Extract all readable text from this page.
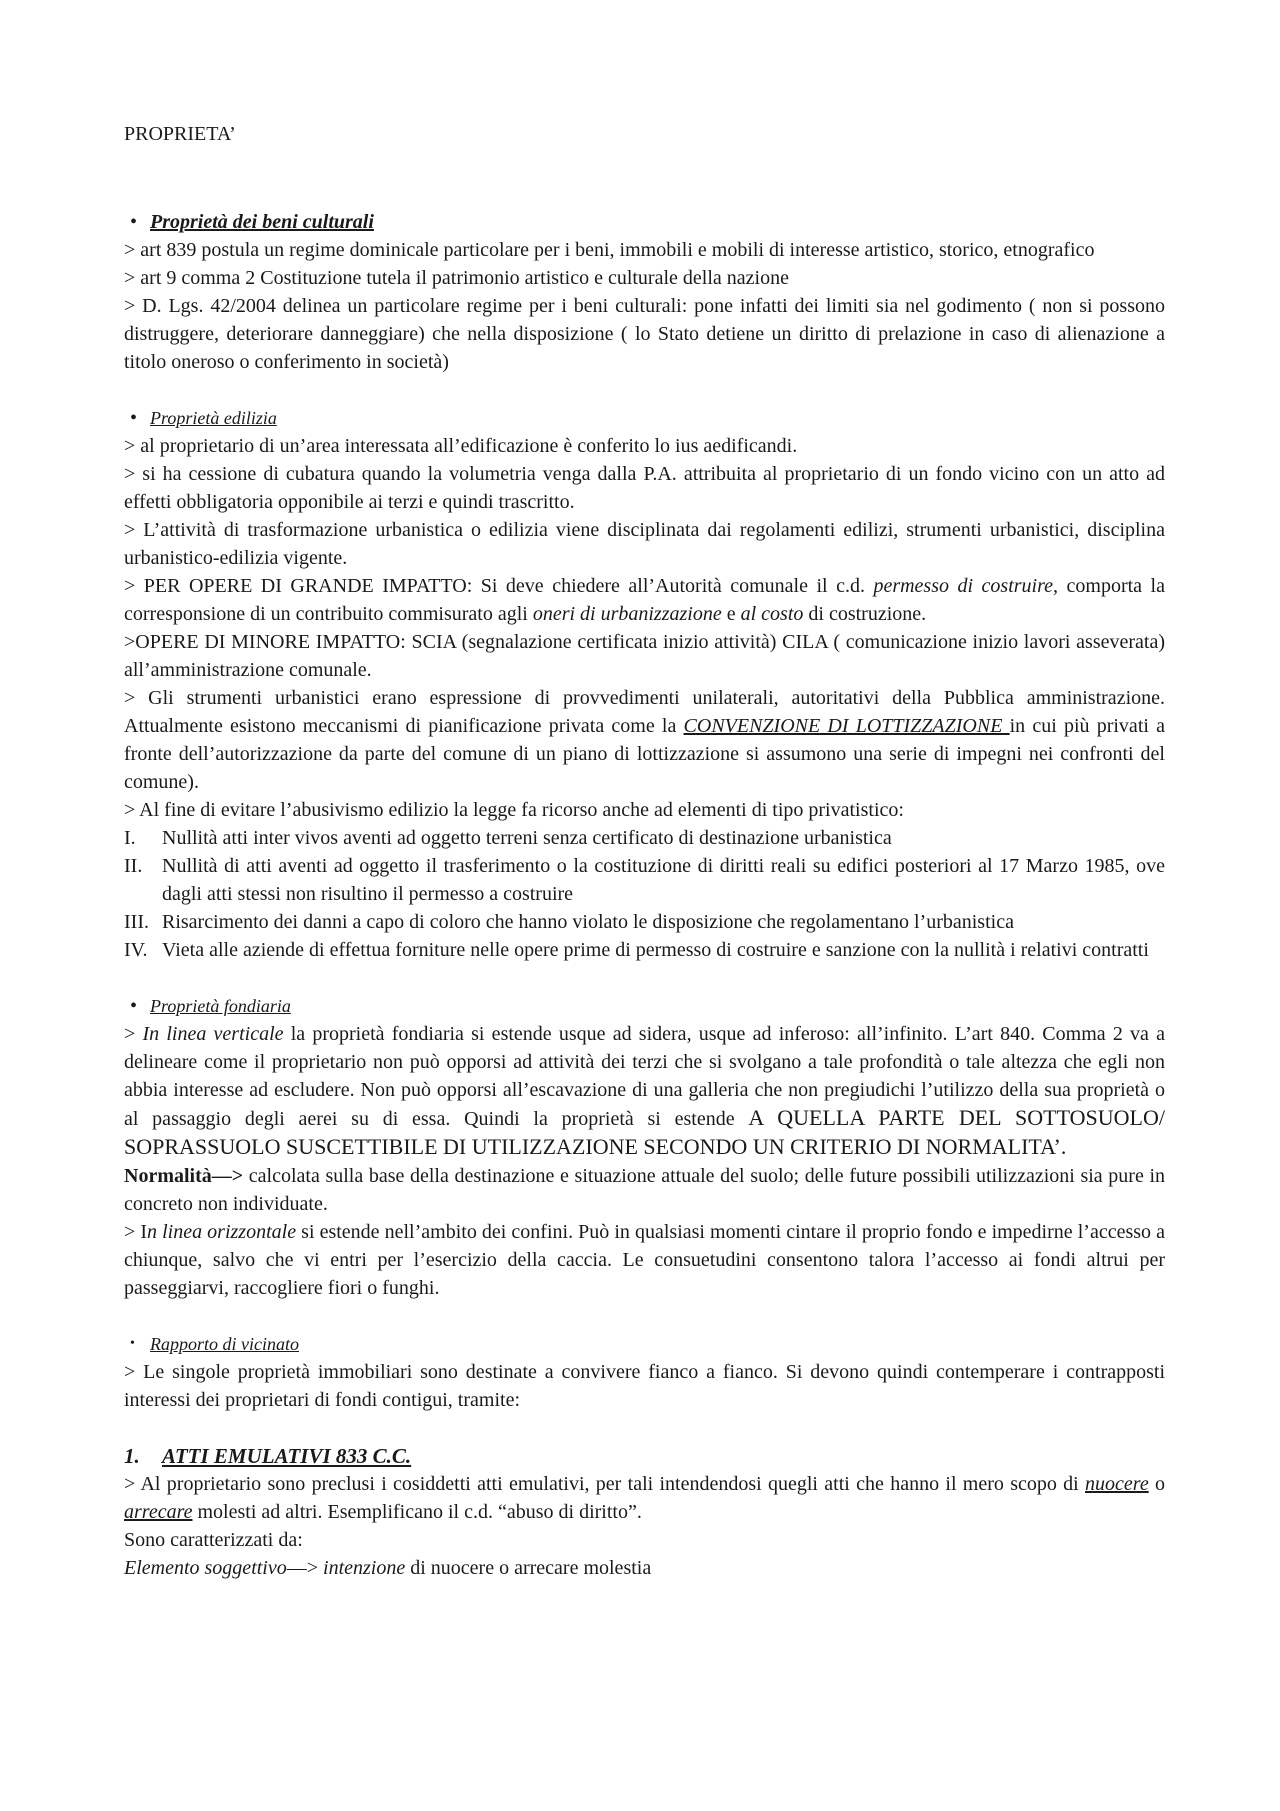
PROPRIETA’

• Proprietà dei beni culturali

> art 839 postula un regime dominicale particolare per i beni, immobili e mobili di interesse artistico, storico, etnografico

> art 9 comma 2 Costituzione tutela il patrimonio artistico e culturale della nazione

> D. Lgs. 42/2004 delinea un particolare regime per i beni culturali: pone infatti dei limiti sia nel godimento ( non si possono distruggere, deteriorare danneggiare) che nella disposizione ( lo Stato detiene un diritto di prelazione in caso di alienazione a titolo oneroso o conferimento in società)

• Proprietà edilizia

> al proprietario di un’area interessata all’edificazione è conferito lo ius aedificandi.

> si ha cessione di cubatura quando la volumetria venga dalla P.A. attribuita al proprietario di un fondo vicino con un atto ad effetti obbligatoria opponibile ai terzi e quindi trascritto.

> L’attività di trasformazione urbanistica o edilizia viene disciplinata dai regolamenti edilizi, strumenti urbanistici, disciplina urbanistico-edilizia vigente.

> PER OPERE DI GRANDE IMPATTO: Si deve chiedere all’Autorità comunale il c.d. permesso di costruire, comporta la corresponsione di un contribuito commisurato agli oneri di urbanizzazione e al costo di costruzione.

>OPERE DI MINORE IMPATTO: SCIA (segnalazione certificata inizio attività) CILA ( comunicazione inizio lavori asseverata) all’amministrazione comunale.

> Gli strumenti urbanistici erano espressione di provvedimenti unilaterali, autoritativi della Pubblica amministrazione. Attualmente esistono meccanismi di pianificazione privata come la CONVENZIONE DI LOTTIZZAZIONE in cui più privati a fronte dell’autorizzazione da parte del comune di un piano di lottizzazione si assumono una serie di impegni nei confronti del comune).

> Al fine di evitare l’abusivismo edilizio la legge fa ricorso anche ad elementi di tipo privatistico:

I. Nullità atti inter vivos aventi ad oggetto terreni senza certificato di destinazione urbanistica
II. Nullità di atti aventi ad oggetto il trasferimento o la costituzione di diritti reali su edifici posteriori al 17 Marzo 1985, ove dagli atti stessi non risultino il permesso a costruire
III. Risarcimento dei danni a capo di coloro che hanno violato le disposizione che regolamentano l’urbanistica
IV. Vieta alle aziende di effettua forniture nelle opere prime di permesso di costruire e sanzione con la nullità i relativi contratti

• Proprietà fondiaria

> In linea verticale la proprietà fondiaria si estende usque ad sidera, usque ad inferoso: all’infinito. L’art 840. Comma 2 va a delineare come il proprietario non può opporsi ad attività dei terzi che si svolgano a tale profondità o tale altezza che egli non abbia interesse ad escludere. Non può opporsi all’escavazione di una galleria che non pregiudichi l’utilizzo della sua proprietà o al passaggio degli aerei su di essa. Quindi la proprietà si estende A QUELLA PARTE DEL SOTTOSUOLO/ SOPRASSUOLO SUSCETTIBILE DI UTILIZZAZIONE SECONDO UN CRITERIO DI NORMALITA’.

Normalità—> calcolata sulla base della destinazione e situazione attuale del suolo; delle future possibili utilizzazioni sia pure in concreto non individuate.

> In linea orizzontale si estende nell’ambito dei confini. Può in qualsiasi momenti cintare il proprio fondo e impedirne l’accesso a chiunque, salvo che vi entri per l’esercizio della caccia. Le consuetudini consentono talora l’accesso ai fondi altrui per passeggiarvi, raccogliere fiori o funghi.

• Rapporto di vicinato

> Le singole proprietà immobiliari sono destinate a convivere fianco a fianco. Si devono quindi contemperare i contrapposti interessi dei proprietari di fondi contigui, tramite:

1. ATTI EMULATIVI 833 C.C.

> Al proprietario sono preclusi i cosiddetti atti emulativi, per tali intendendosi quegli atti che hanno il mero scopo di nuocere o arrecare molesti ad altri. Esemplificano il c.d. “abuso di diritto”.

Sono caratterizzati da:

Elemento soggettivo—> intenzione di nuocere o arrecare molestia
